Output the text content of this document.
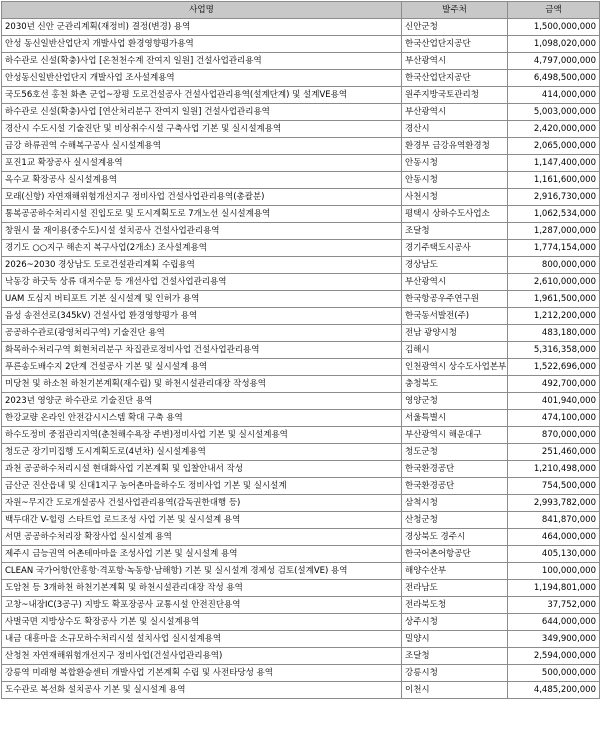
사업명	발주처	금액
2030년 신안 군관리계획(재정비) 결정(변경) 용역	신안군청	1,500,000,000
안성 동신일반산업단지 개발사업 환경영향평가용역	한국산업단지공단	1,098,020,000
하수관로 신설(확충)사업 [온천천수계 잔여지 일원] 건설사업관리용역	부산광역시	4,797,000,000
안성동신일반산업단지 개발사업 조사설계용역	한국산업단지공단	6,498,500,000
국도56호선 홍천 화촌 군업~장평 도로건설공사 건설사업관리용역(설계단계) 및 설계VE용역	원주지방국토관리청	414,000,000
하수관로 신설(확충)사업 [연산처리분구 잔여지 일원] 건설사업관리용역	부산광역시	5,003,000,000
경산시 수도시설 기술진단 및 비상취수시설 구축사업 기본 및 실시설계용역	경산시	2,420,000,000
금강 하류권역 수해복구공사 실시설계용역	환경부 금강유역환경청	2,065,000,000
포진1교 확장공사 실시설계용역	안동시청	1,147,400,000
옥수교 확장공사 실시설계용역	안동시청	1,161,600,000
모래(신항) 자연재해위험개선지구 정비사업 건설사업관리용역(총괄분)	사천시청	2,916,730,000
통복공공하수처리시설 진입도로 및 도시계획도로 7개노선 실시설계용역	평택시 상하수도사업소	1,062,534,000
창원시 물 재이용(중수도)시설 설치공사 건설사업관리용역	조달청	1,287,000,000
경기도 ○○지구 해손지 복구사업(2개소) 조사설계용역	경기주택도시공사	1,774,154,000
2026~2030 경상남도 도로건설관리계획 수립용역	경상남도	800,000,000
낙동강 하굿둑 상류 대저수문 등 개선사업 건설사업관리용역	부산광역시	2,610,000,000
UAM 도심지 버티포트 기본 실시설계 및 인허가 용역	한국항공우주연구원	1,961,500,000
음성 송전선로(345kV) 건설사업 환경영향평가 용역	한국동서발전(주)	1,212,200,000
공공하수관로(광영처리구역) 기술진단 용역	전남 광양시청	483,180,000
화목하수처리구역 회현처리분구 차집관로정비사업 건설사업관리용역	김해시	5,316,358,000
푸른송도배수지 2단계 건설공사 기본 및 실시설계 용역	인천광역시 상수도사업본부	1,522,696,000
미당천 및 하소천 하천기본계획(재수립) 및 하천시설관리대장 작성용역	충청북도	492,700,000
2023년 영양군 하수관로 기술진단 용역	영양군청	401,940,000
한강교량 온라인 안전감시시스템 확대 구축 용역	서울특별시	474,100,000
하수도정비 중점관리지역(춘천해수욕장 주변)정비사업 기본 및 실시설계용역	부산광역시 해운대구	870,000,000
청도군 장기미집행 도시계획도로(4년차) 실시설계용역	청도군청	251,460,000
과천 공공하수처리시설 현대화사업 기본계획 및 입찰안내서 작성	한국환경공단	1,210,498,000
금산군 진산읍내 및 신대1지구 농어촌마을하수도 정비사업 기본 및 실시설계	한국환경공단	754,500,000
자원~무지간 도로개설공사 건설사업관리용역(감독권한대행 등)	삼척시청	2,993,782,000
백두대간 V-힐링 스타트업 로드조성 사업 기본 및 실시설계 용역	산청군청	841,870,000
서면 공공하수처리장 확장사업 실시설계 용역	경상북도 경주시	464,000,000
제주시 금능권역 어촌테마마을 조성사업 기본 및 실시설계 용역	한국어촌어항공단	405,130,000
CLEAN 국가어항(안흥항·격포항·녹동항·남해항) 기본 및 실시설계 경제성 검토(설계VE) 용역	해양수산부	100,000,000
도암천 등 3개하천 하천기본계획 및 하천시설관리대장 작성 용역	전라남도	1,194,801,000
고창~내장IC(3공구) 지방도 확포장공사 교통시설 안전진단용역	전라북도청	37,752,000
사벌국면 지방상수도 확장공사 기본 및 실시설계용역	상주시청	644,000,000
내금 대흥마을 소규모하수처리시설 설치사업 실시설계용역	밀양시	349,900,000
산청천 자연재해위험개선지구 정비사업(건설사업관리용역)	조달청	2,594,000,000
강릉역 미래형 복합환승센터 개발사업 기본계획 수립 및 사전타당성 용역	강릉시청	500,000,000
도수관로 복선화 설치공사 기본 및 실시설계 용역	이천시	4,485,200,000
